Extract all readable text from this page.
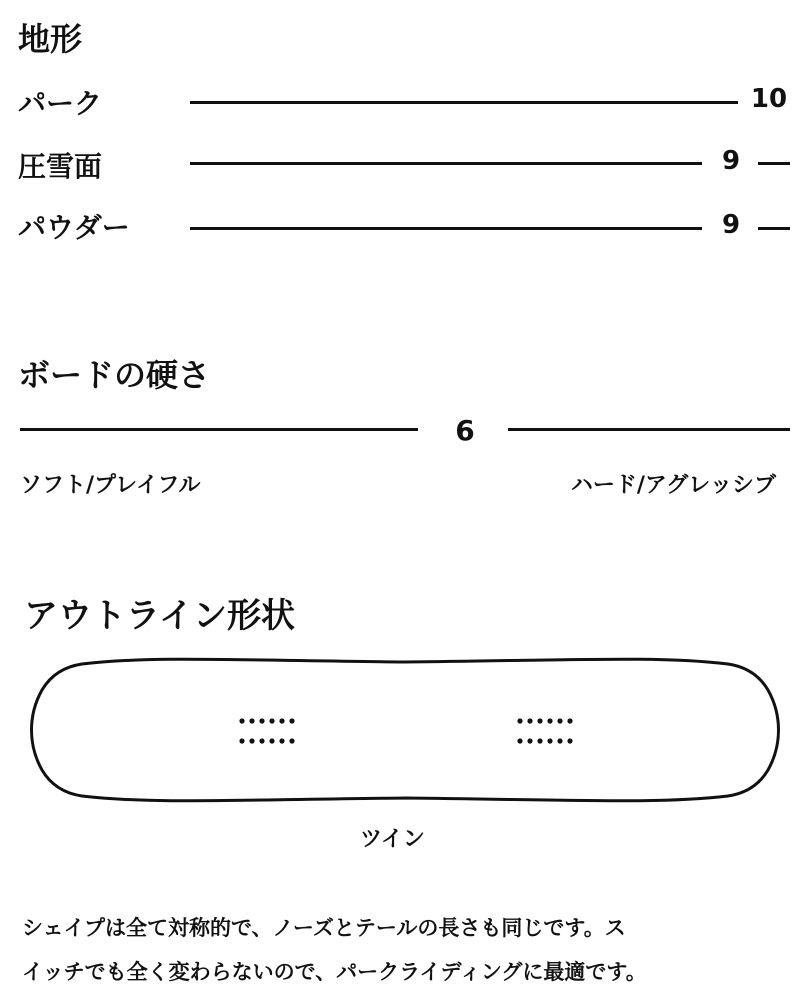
地形
パーク	10
圧雪面	9
パウダー	9
ボードの硬さ
6
ソフト/プレイフル	ハード/アグレッシブ
アウトライン形状
ツイン
シェイプは全て対称的で、ノーズとテールの長さも同じです。ス
イッチでも全く変わらないので、パークライディングに最適です。
